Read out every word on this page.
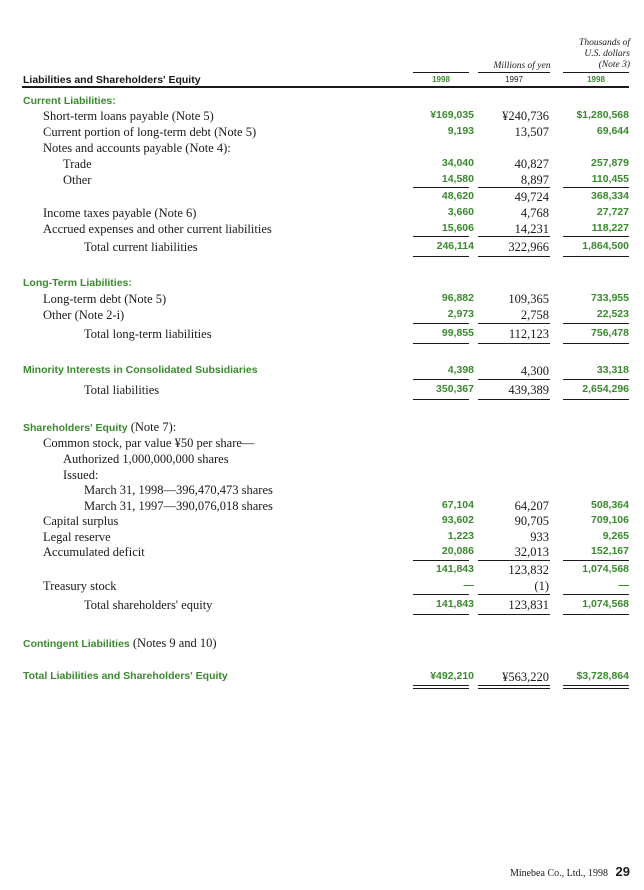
Thousands of
U.S. dollars
(Note 3)
Millions of yen
Liabilities and Shareholders' Equity	1998	1997	1998
Current Liabilities:
Short-term loans payable (Note 5)	¥169,035 ¥240,736	$1,280,568
Current portion of long-term debt (Note 5)	9,193	13,507	69,644
Notes and accounts payable (Note 4):
Trade	34,040	40,827	257,879
Other	14,580	8,897	110,455
48,620	49,724	368,334
Income taxes payable (Note 6)	3,660	4,768	27,727
Accrued expenses and other current liabilities	15,606	14,231	118,227
Total current liabilities	246,114	322,966	1,864,500
Long-Term Liabilities:
Long-term debt (Note 5)	96,882	109,365	733,955
Other (Note 2-i)	2,973	2,758	22,523
Total long-term liabilities	99,855	112,123	756,478
Minority Interests in Consolidated Subsidiaries	4,398	4,300	33,318
Total liabilities	350,367	439,389	2,654,296
Shareholders' Equity (Note 7):
Common stock, par value ¥50 per share—
Authorized 1,000,000,000 shares
Issued:
March 31, 1998—396,470,473 shares
March 31, 1997—390,076,018 shares	67,104	64,207	508,364
Capital surplus	93,602	90,705	709,106
Legal reserve	1,223	933	9,265
Accumulated deficit	20,086	32,013	152,167
141,843	123,832	1,074,568
Treasury stock	—	(1)	—
Total shareholders' equity	141,843	123,831	1,074,568
Contingent Liabilities (Notes 9 and 10)
Total Liabilities and Shareholders' Equity	¥492,210 ¥563,220	$3,728,864
Minebea Co., Ltd., 1998 29
